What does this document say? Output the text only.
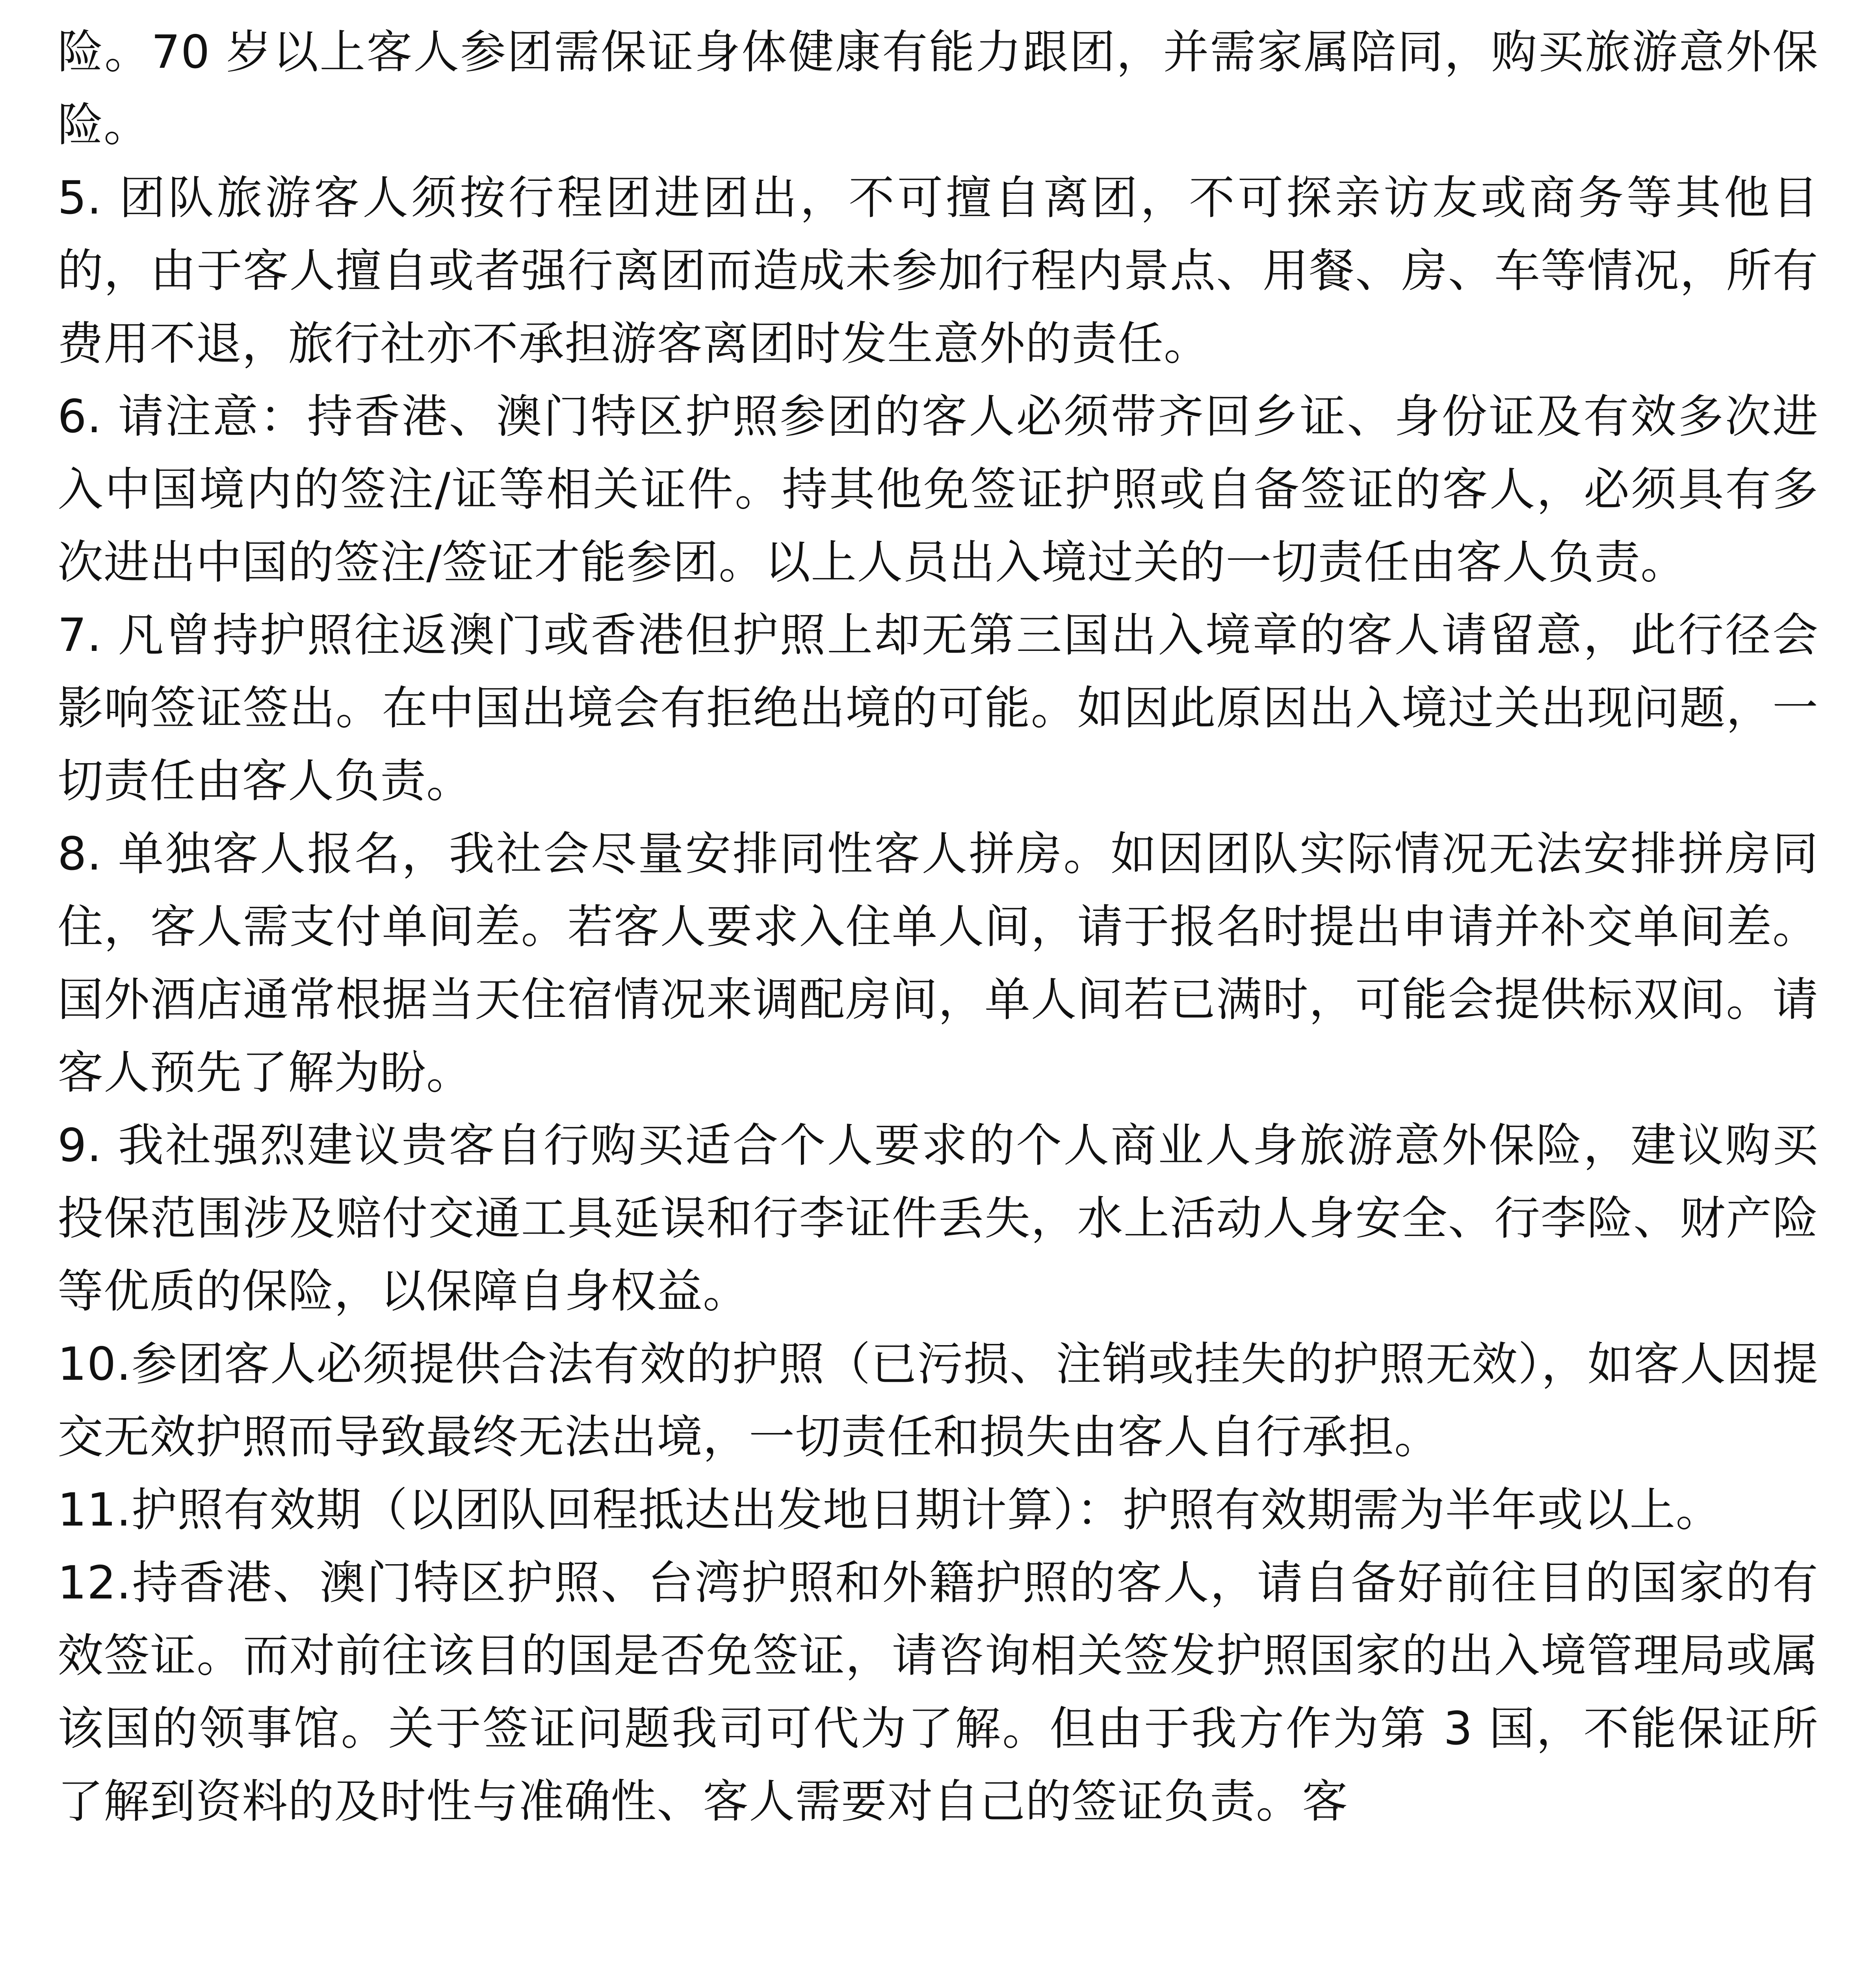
险。70 岁以上客人参团需保证身体健康有能力跟团，并需家属陪同，购买旅游意外保险。

5. 团队旅游客人须按行程团进团出，不可擅自离团，不可探亲访友或商务等其他目的，由于客人擅自或者强行离团而造成未参加行程内景点、用餐、房、车等情况，所有费用不退，旅行社亦不承担游客离团时发生意外的责任。

6. 请注意：持香港、澳门特区护照参团的客人必须带齐回乡证、身份证及有效多次进入中国境内的签注/证等相关证件。持其他免签证护照或自备签证的客人，必须具有多次进出中国的签注/签证才能参团。以上人员出入境过关的一切责任由客人负责。

7. 凡曾持护照往返澳门或香港但护照上却无第三国出入境章的客人请留意，此行径会影响签证签出。在中国出境会有拒绝出境的可能。如因此原因出入境过关出现问题，一切责任由客人负责。

8. 单独客人报名，我社会尽量安排同性客人拼房。如因团队实际情况无法安排拼房同住，客人需支付单间差。若客人要求入住单人间，请于报名时提出申请并补交单间差。国外酒店通常根据当天住宿情况来调配房间，单人间若已满时，可能会提供标双间。请客人预先了解为盼。

9. 我社强烈建议贵客自行购买适合个人要求的个人商业人身旅游意外保险，建议购买投保范围涉及赔付交通工具延误和行李证件丢失，水上活动人身安全、行李险、财产险等优质的保险，以保障自身权益。

10.参团客人必须提供合法有效的护照（已污损、注销或挂失的护照无效），如客人因提交无效护照而导致最终无法出境，一切责任和损失由客人自行承担。

11.护照有效期（以团队回程抵达出发地日期计算）：护照有效期需为半年或以上。

12.持香港、澳门特区护照、台湾护照和外籍护照的客人，请自备好前往目的国家的有效签证。而对前往该目的国是否免签证，请咨询相关签发护照国家的出入境管理局或属该国的领事馆。关于签证问题我司可代为了解。但由于我方作为第 3 国，不能保证所了解到资料的及时性与准确性、客人需要对自己的签证负责。客
